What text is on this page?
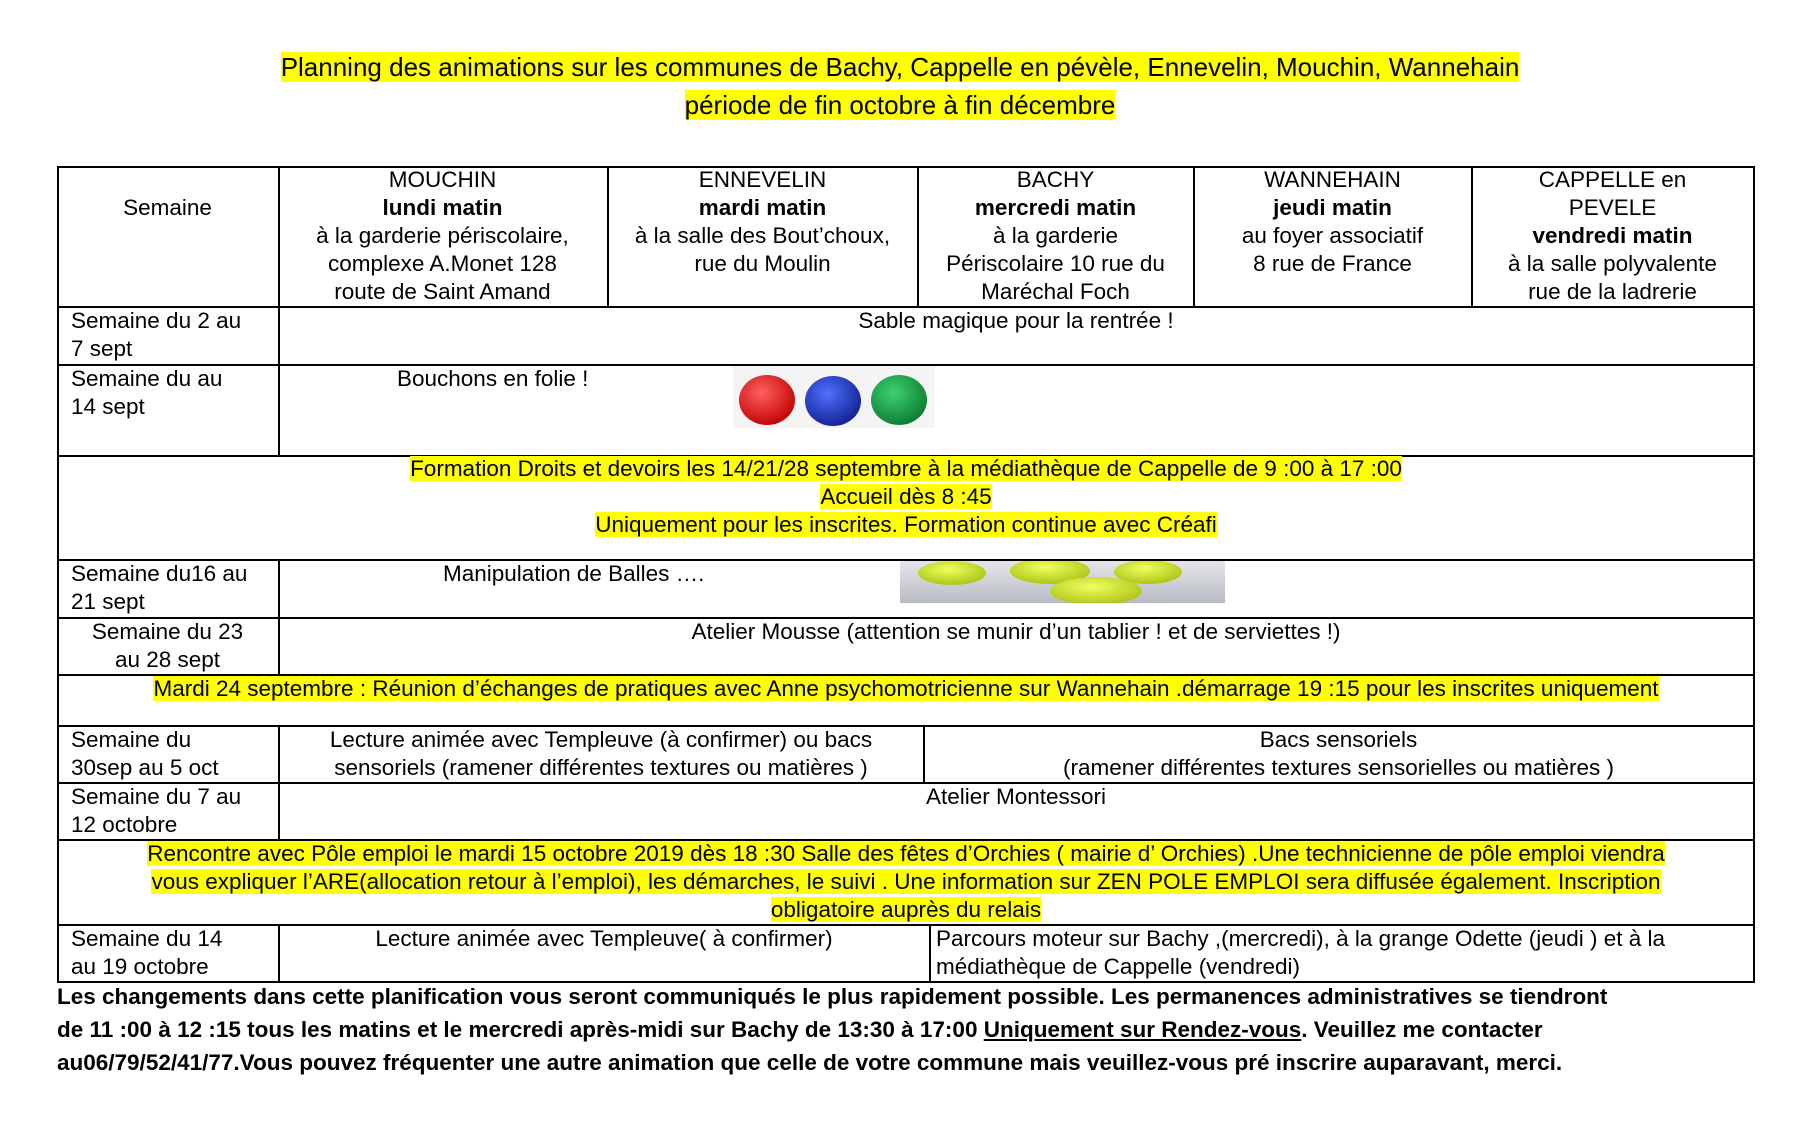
Planning des animations sur les communes de Bachy, Cappelle en pévèle, Ennevelin, Mouchin, Wannehain
période de fin octobre à fin décembre
Semaine
MOUCHIN
lundi matin
à la garderie périscolaire,
complexe A.Monet 128
route de Saint Amand
ENNEVELIN
mardi matin
à la salle des Bout’choux,
rue du Moulin
BACHY
mercredi matin
à la garderie
Périscolaire 10 rue du
Maréchal Foch
WANNEHAIN
jeudi matin
au foyer associatif
8 rue de France
CAPPELLE en
PEVELE
vendredi matin
à la salle polyvalente
rue de la ladrerie
Semaine du 2 au
7 sept
Sable magique pour la rentrée !
Semaine du au
14 sept
Bouchons en folie !
Formation Droits et devoirs les 14/21/28 septembre à la médiathèque de Cappelle de 9 :00 à 17 :00
Accueil dès 8 :45
Uniquement pour les inscrites. Formation continue avec Créafi
Semaine du16 au
21 sept
Manipulation de Balles ….
Semaine du 23
au 28 sept
Atelier Mousse (attention se munir d’un tablier ! et de serviettes !)
Mardi 24 septembre : Réunion d’échanges de pratiques avec Anne psychomotricienne sur Wannehain .démarrage 19 :15 pour les inscrites uniquement
Semaine du
30sep au 5 oct
Lecture animée avec Templeuve (à confirmer) ou bacs
sensoriels (ramener différentes textures ou matières )
Bacs sensoriels
(ramener différentes textures sensorielles ou matières )
Semaine du 7 au
12 octobre
Atelier Montessori
Rencontre avec Pôle emploi le mardi 15 octobre 2019 dès 18 :30 Salle des fêtes d’Orchies ( mairie d’ Orchies) .Une technicienne de pôle emploi viendra
vous expliquer l’ARE(allocation retour à l’emploi), les démarches, le suivi . Une information sur ZEN POLE EMPLOI sera diffusée également. Inscription
obligatoire auprès du relais
Semaine du 14
au 19 octobre
Lecture animée avec Templeuve( à confirmer)	Parcours moteur sur Bachy ,(mercredi), à la grange Odette (jeudi ) et à la
médiathèque de Cappelle (vendredi)
Les changements dans cette planification vous seront communiqués le plus rapidement possible. Les permanences administratives se tiendront
de 11 :00 à 12 :15 tous les matins et le mercredi après-midi sur Bachy de 13:30 à 17:00 Uniquement sur Rendez-vous. Veuillez me contacter
au06/79/52/41/77.Vous pouvez fréquenter une autre animation que celle de votre commune mais veuillez-vous pré inscrire auparavant, merci.
